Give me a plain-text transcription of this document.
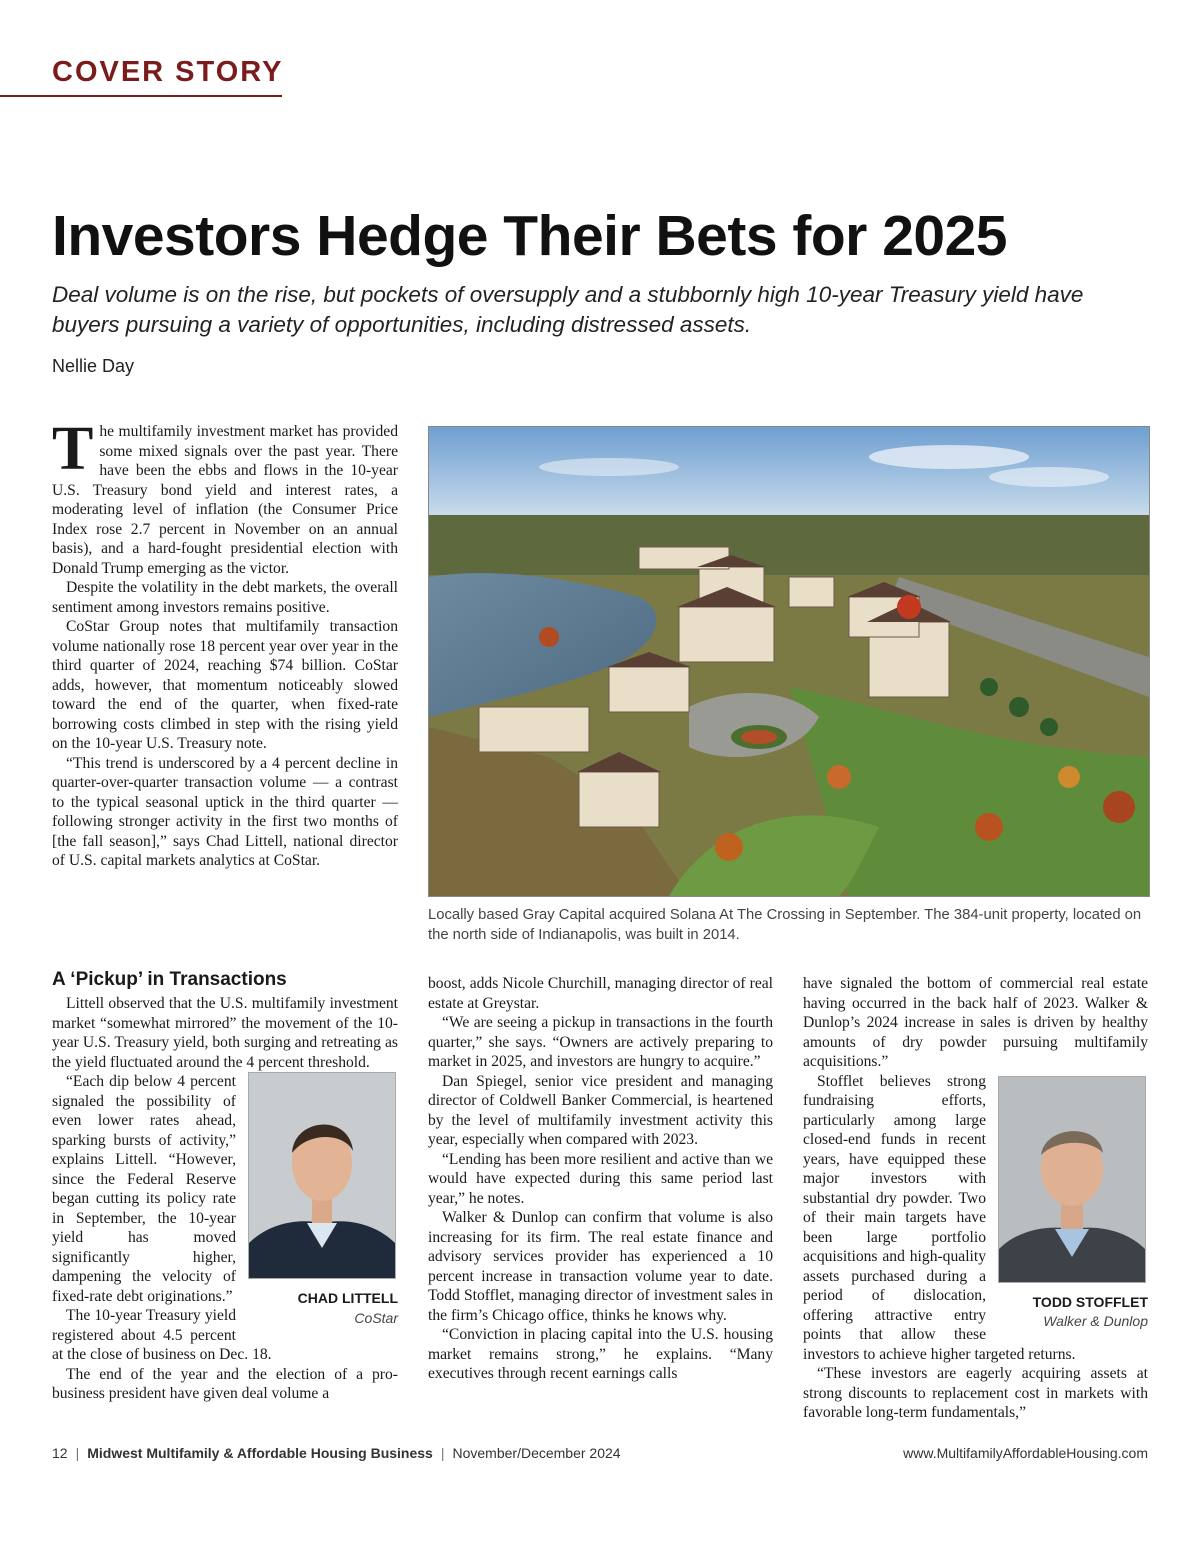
COVER STORY
Investors Hedge Their Bets for 2025
Deal volume is on the rise, but pockets of oversupply and a stubbornly high 10-year Treasury yield have buyers pursuing a variety of opportunities, including distressed assets.
Nellie Day

The multifamily investment market has provided some mixed signals over the past year. There have been the ebbs and flows in the 10-year U.S. Treasury bond yield and interest rates, a moderating level of inflation (the Consumer Price Index rose 2.7 percent in November on an annual basis), and a hard-fought presidential election with Donald Trump emerging as the victor.

Despite the volatility in the debt markets, the overall sentiment among investors remains positive.

CoStar Group notes that multifamily transaction volume nationally rose 18 percent year over year in the third quarter of 2024, reaching $74 billion. CoStar adds, however, that momentum noticeably slowed toward the end of the quarter, when fixed-rate borrowing costs climbed in step with the rising yield on the 10-year U.S. Treasury note.

“This trend is underscored by a 4 percent decline in quarter-over-quarter transaction volume — a contrast to the typical seasonal uptick in the third quarter — following stronger activity in the first two months of [the fall season],” says Chad Littell, national director of U.S. capital markets analytics at CoStar.

Locally based Gray Capital acquired Solana At The Crossing in September. The 384-unit property, located on the north side of Indianapolis, was built in 2014.
A ‘Pickup’ in Transactions

Littell observed that the U.S. multifamily investment market “somewhat mirrored” the movement of the 10-year U.S. Treasury yield, both surging and retreating as the yield fluctuated around the 4 percent threshold.

CHAD LITTELL
CoStar

“Each dip below 4 percent signaled the possibility of even lower rates ahead, sparking bursts of activity,” explains Littell. “However, since the Federal Reserve began cutting its policy rate in September, the 10-year yield has moved significantly higher, dampening the velocity of fixed-rate debt originations.”

The 10-year Treasury yield registered about 4.5 percent at the close of business on Dec. 18.

The end of the year and the election of a pro-business president have given deal volume a

boost, adds Nicole Churchill, managing director of real estate at Greystar.

“We are seeing a pickup in transactions in the fourth quarter,” she says. “Owners are actively preparing to market in 2025, and investors are hungry to acquire.”

Dan Spiegel, senior vice president and managing director of Coldwell Banker Commercial, is heartened by the level of multifamily investment activity this year, especially when compared with 2023.

“Lending has been more resilient and active than we would have expected during this same period last year,” he notes.

Walker & Dunlop can confirm that volume is also increasing for its firm. The real estate finance and advisory services provider has experienced a 10 percent increase in transaction volume year to date. Todd Stofflet, managing director of investment sales in the firm’s Chicago office, thinks he knows why.

“Conviction in placing capital into the U.S. housing market remains strong,” he explains. “Many executives through recent earnings calls

have signaled the bottom of commercial real estate having occurred in the back half of 2023. Walker & Dunlop’s 2024 increase in sales is driven by healthy amounts of dry powder pursuing multifamily acquisitions.”

TODD STOFFLET
Walker & Dunlop

Stofflet believes strong fundraising efforts, particularly among large closed-end funds in recent years, have equipped these major investors with substantial dry powder. Two of their main targets have been large portfolio acquisitions and high-quality assets purchased during a period of dislocation, offering attractive entry points that allow these investors to achieve higher targeted returns.

“These investors are eagerly acquiring assets at strong discounts to replacement cost in markets with favorable long-term fundamentals,”

12 | Midwest Multifamily & Affordable Housing Business | November/December 2024	www.MultifamilyAffordableHousing.com
